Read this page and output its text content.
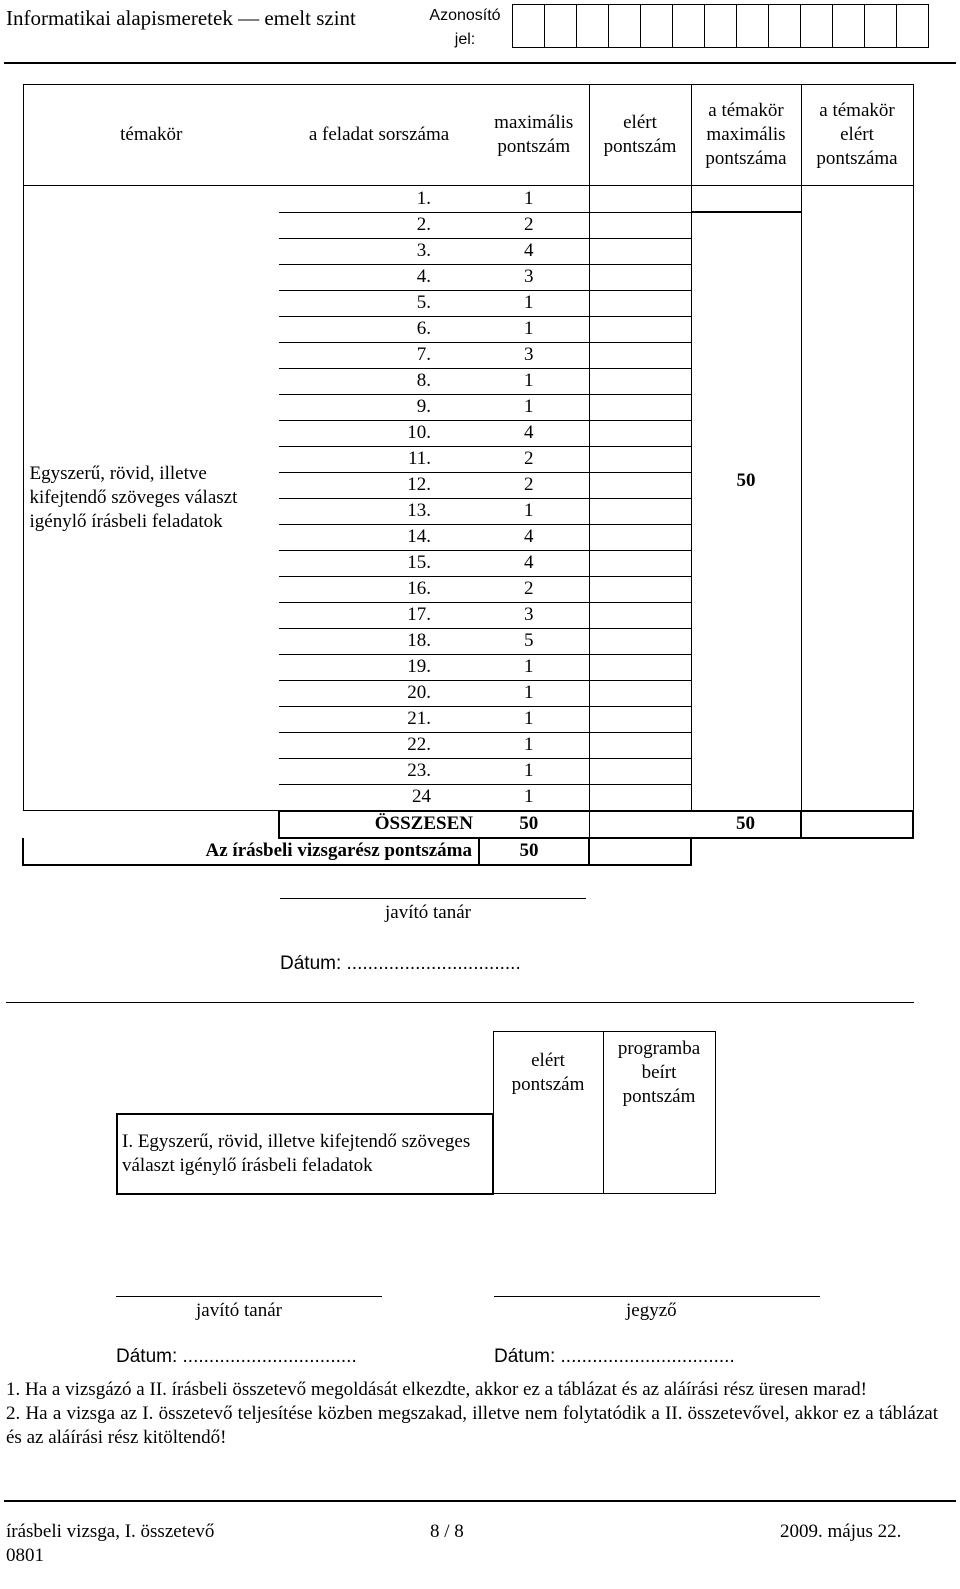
Informatikai alapismeretek — emelt szint	Azonosító
jel:
témakör	a feladat sorszáma	maximális pontszám	elért pontszám	a témakör maximális pontszáma	a témakör elért pontszáma
Egyszerű, rövid, illetve kifejtendő szöveges választ igénylő írásbeli feladatok	1.	1			
	2.	2		50	
	3.	4			
	4.	3			
	5.	1			
	6.	1			
	7.	3			
	8.	1			
	9.	1			
	10.	4			
	11.	2			
	12.	2			
	13.	1			
	14.	4			
	15.	4			
	16.	2			
	17.	3			
	18.	5			
	19.	1			
	20.	1			
	21.	1			
	22.	1			
	23.	1			
	24	1			
	ÖSSZESEN	50		50	
Az írásbeli vizsgarész pontszáma		50			
javító tanár
Dátum: .................................
	elért pontszám	programba beírt pontszám
I. Egyszerű, rövid, illetve kifejtendő szöveges választ igénylő írásbeli feladatok		
javító tanár	jegyző
Dátum: .................................	Dátum: .................................
1. Ha a vizsgázó a II. írásbeli összetevő megoldását elkezdte, akkor ez a táblázat és az aláírási rész üresen marad!
2. Ha a vizsga az I. összetevő teljesítése közben megszakad, illetve nem folytatódik a II. összetevővel, akkor ez a táblázat és az aláírási rész kitöltendő!
írásbeli vizsga, I. összetevő
0801
8 / 8	2009. május 22.
